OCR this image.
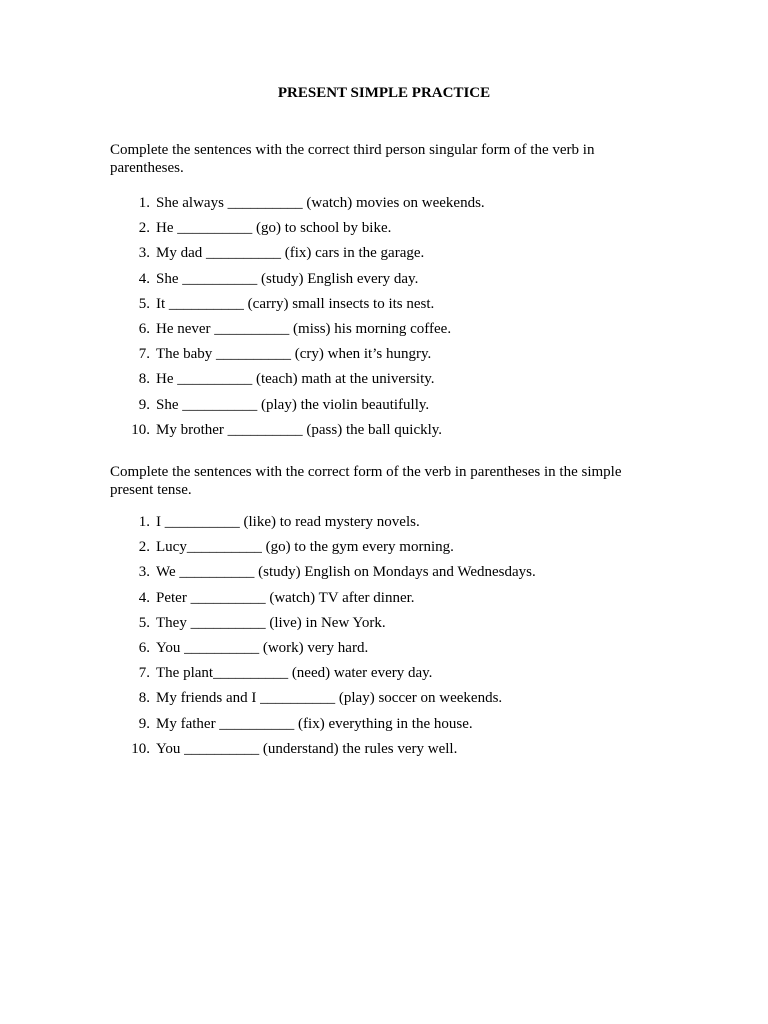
PRESENT SIMPLE PRACTICE
Complete the sentences with the correct third person singular form of the verb in parentheses.
1. She always __________ (watch) movies on weekends.
2. He __________ (go) to school by bike.
3. My dad __________ (fix) cars in the garage.
4. She __________ (study) English every day.
5. It __________ (carry) small insects to its nest.
6. He never __________ (miss) his morning coffee.
7. The baby __________ (cry) when it’s hungry.
8. He __________ (teach) math at the university.
9. She __________ (play) the violin beautifully.
10. My brother __________ (pass) the ball quickly.
Complete the sentences with the correct form of the verb in parentheses in the simple present tense.
1. I __________ (like) to read mystery novels.
2. Lucy__________ (go) to the gym every morning.
3. We __________ (study) English on Mondays and Wednesdays.
4. Peter __________ (watch) TV after dinner.
5. They __________ (live) in New York.
6. You __________ (work) very hard.
7. The plant__________ (need) water every day.
8. My friends and I __________ (play) soccer on weekends.
9. My father __________ (fix) everything in the house.
10. You __________ (understand) the rules very well.
